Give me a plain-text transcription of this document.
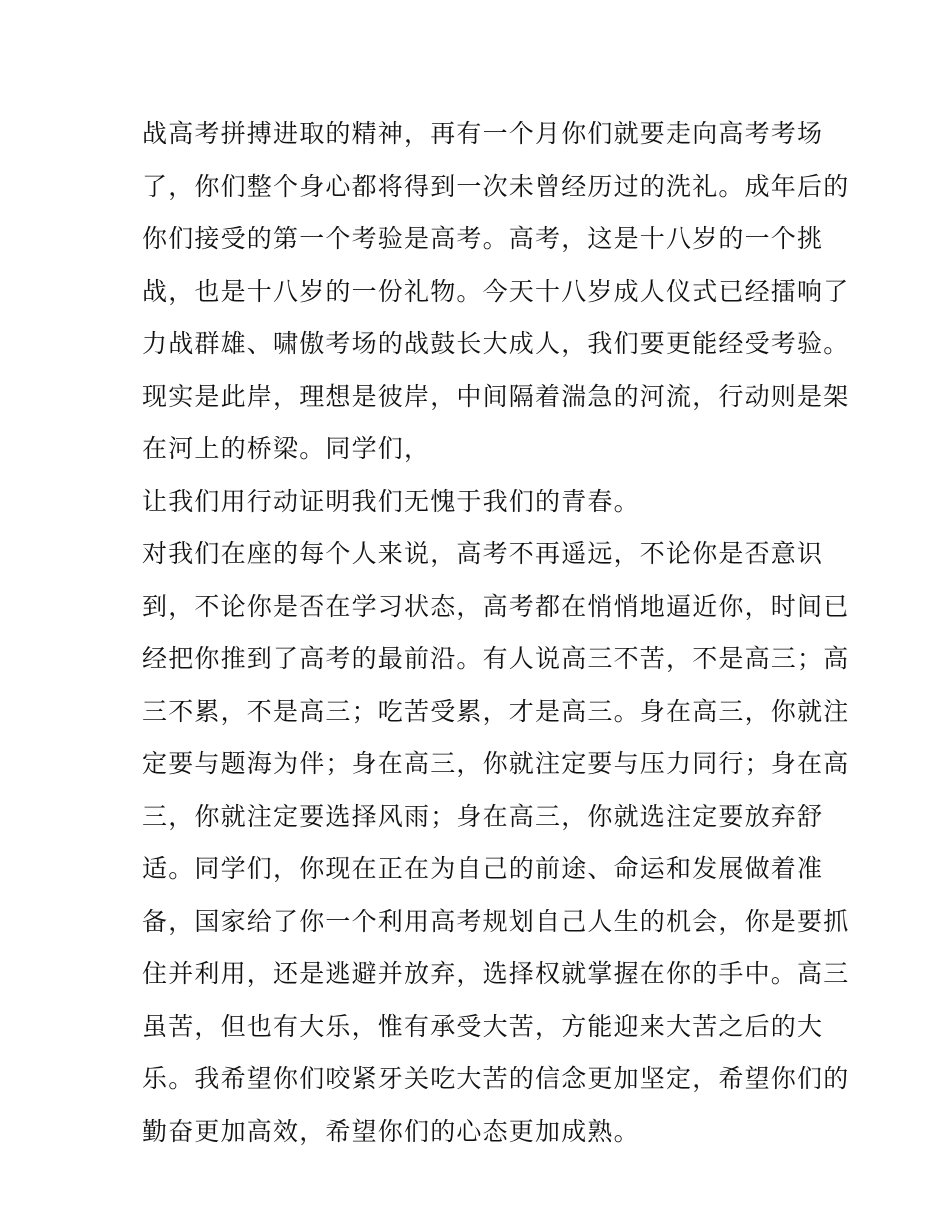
战高考拼搏进取的精神，再有一个月你们就要走向高考考场
了，你们整个身心都将得到一次未曾经历过的洗礼。成年后的
你们接受的第一个考验是高考。高考，这是十八岁的一个挑
战，也是十八岁的一份礼物。今天十八岁成人仪式已经擂响了
力战群雄、啸傲考场的战鼓长大成人，我们要更能经受考验。
现实是此岸，理想是彼岸，中间隔着湍急的河流，行动则是架
在河上的桥梁。同学们，
让我们用行动证明我们无愧于我们的青春。
对我们在座的每个人来说，高考不再遥远，不论你是否意识
到，不论你是否在学习状态，高考都在悄悄地逼近你，时间已
经把你推到了高考的最前沿。有人说高三不苦，不是高三；高
三不累，不是高三；吃苦受累，才是高三。身在高三，你就注
定要与题海为伴；身在高三，你就注定要与压力同行；身在高
三，你就注定要选择风雨；身在高三，你就选注定要放弃舒
适。同学们，你现在正在为自己的前途、命运和发展做着准
备，国家给了你一个利用高考规划自己人生的机会，你是要抓
住并利用，还是逃避并放弃，选择权就掌握在你的手中。高三
虽苦，但也有大乐，惟有承受大苦，方能迎来大苦之后的大
乐。我希望你们咬紧牙关吃大苦的信念更加坚定，希望你们的
勤奋更加高效，希望你们的心态更加成熟。
